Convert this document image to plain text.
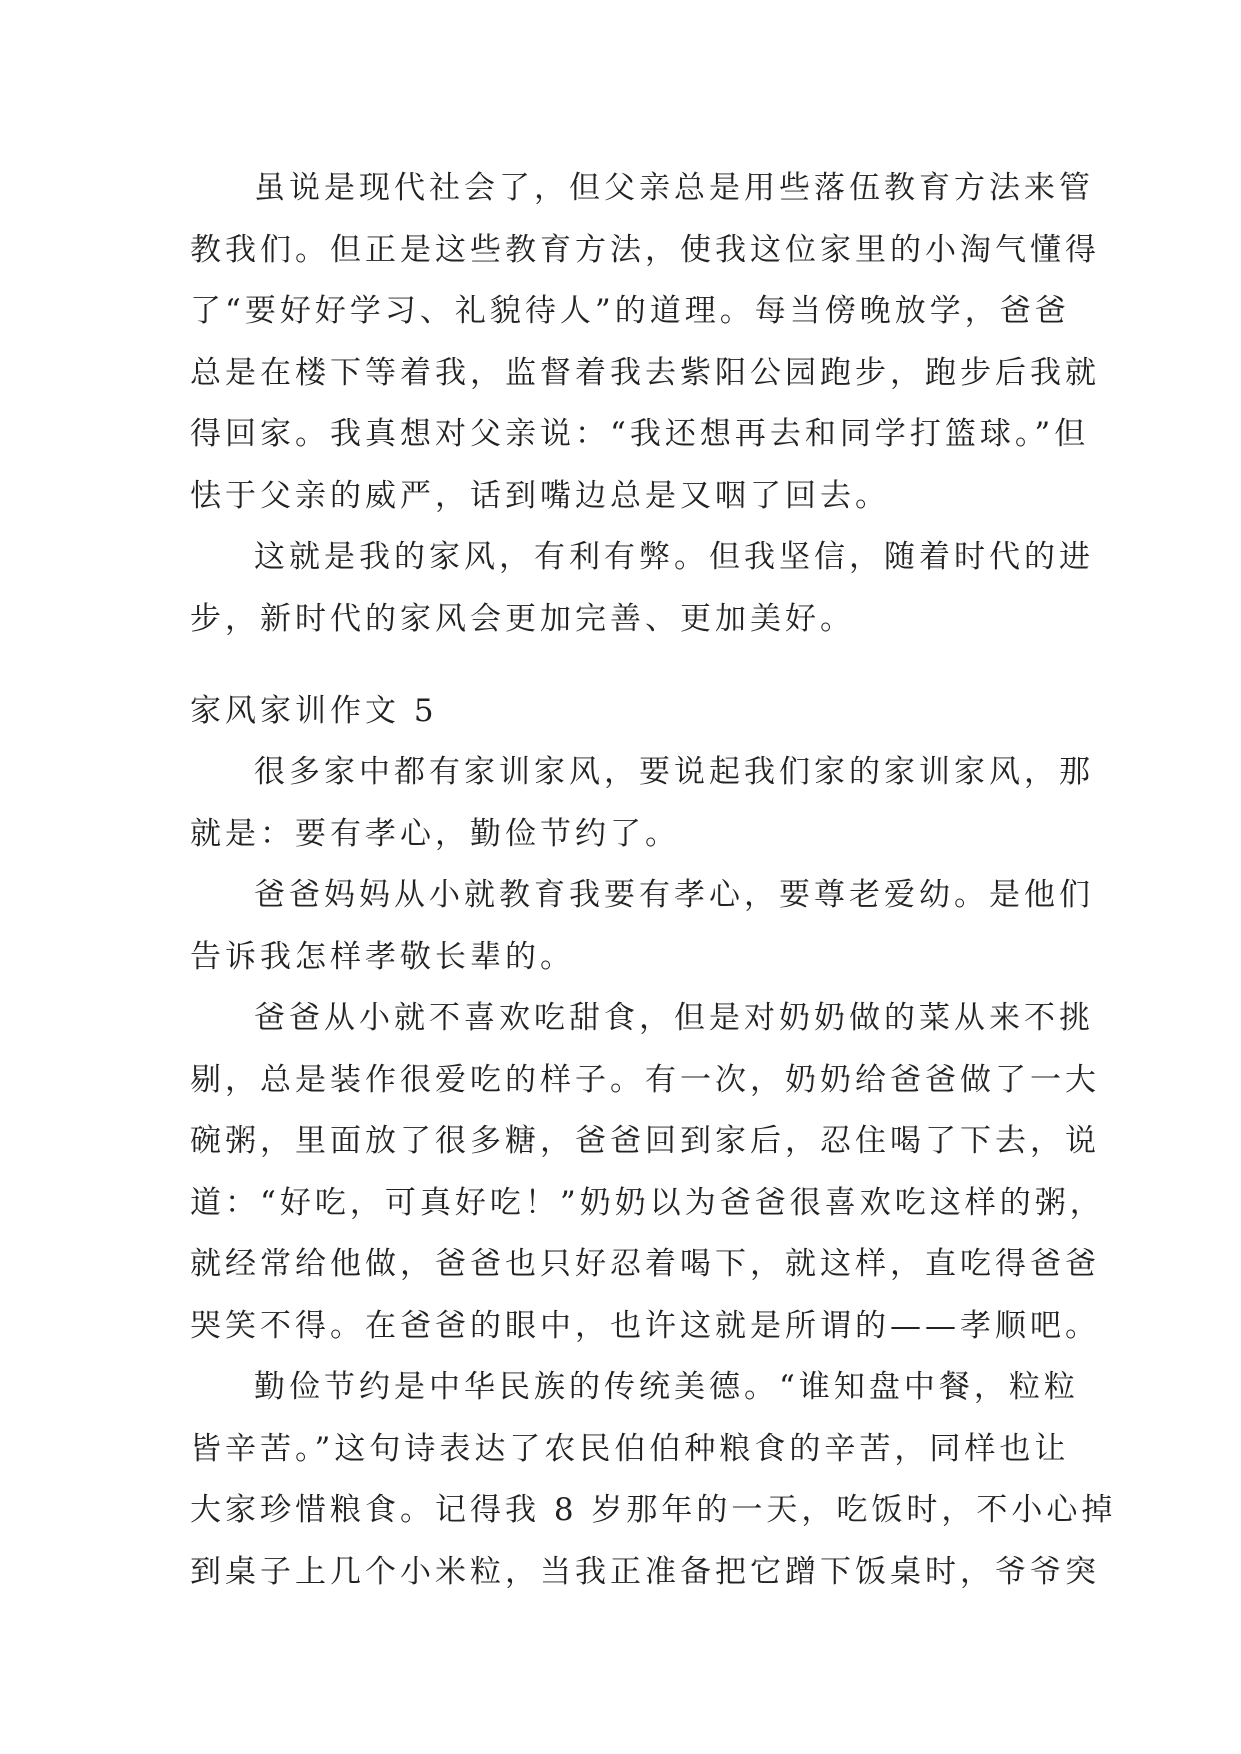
虽说是现代社会了，但父亲总是用些落伍教育方法来管
教我们。但正是这些教育方法，使我这位家里的小淘气懂得
了“要好好学习、礼貌待人”的道理。每当傍晚放学，爸爸
总是在楼下等着我，监督着我去紫阳公园跑步，跑步后我就
得回家。我真想对父亲说：“我还想再去和同学打篮球。”但
怯于父亲的威严，话到嘴边总是又咽了回去。
这就是我的家风，有利有弊。但我坚信，随着时代的进
步，新时代的家风会更加完善、更加美好。
家风家训作文 5
很多家中都有家训家风，要说起我们家的家训家风，那
就是：要有孝心，勤俭节约了。
爸爸妈妈从小就教育我要有孝心，要尊老爱幼。是他们
告诉我怎样孝敬长辈的。
爸爸从小就不喜欢吃甜食，但是对奶奶做的菜从来不挑
剔，总是装作很爱吃的样子。有一次，奶奶给爸爸做了一大
碗粥，里面放了很多糖，爸爸回到家后，忍住喝了下去，说
道：“好吃，可真好吃！”奶奶以为爸爸很喜欢吃这样的粥，
就经常给他做，爸爸也只好忍着喝下，就这样，直吃得爸爸
哭笑不得。在爸爸的眼中，也许这就是所谓的——孝顺吧。
勤俭节约是中华民族的传统美德。“谁知盘中餐，粒粒
皆辛苦。”这句诗表达了农民伯伯种粮食的辛苦，同样也让
大家珍惜粮食。记得我 8 岁那年的一天，吃饭时，不小心掉
到桌子上几个小米粒，当我正准备把它蹭下饭桌时，爷爷突
